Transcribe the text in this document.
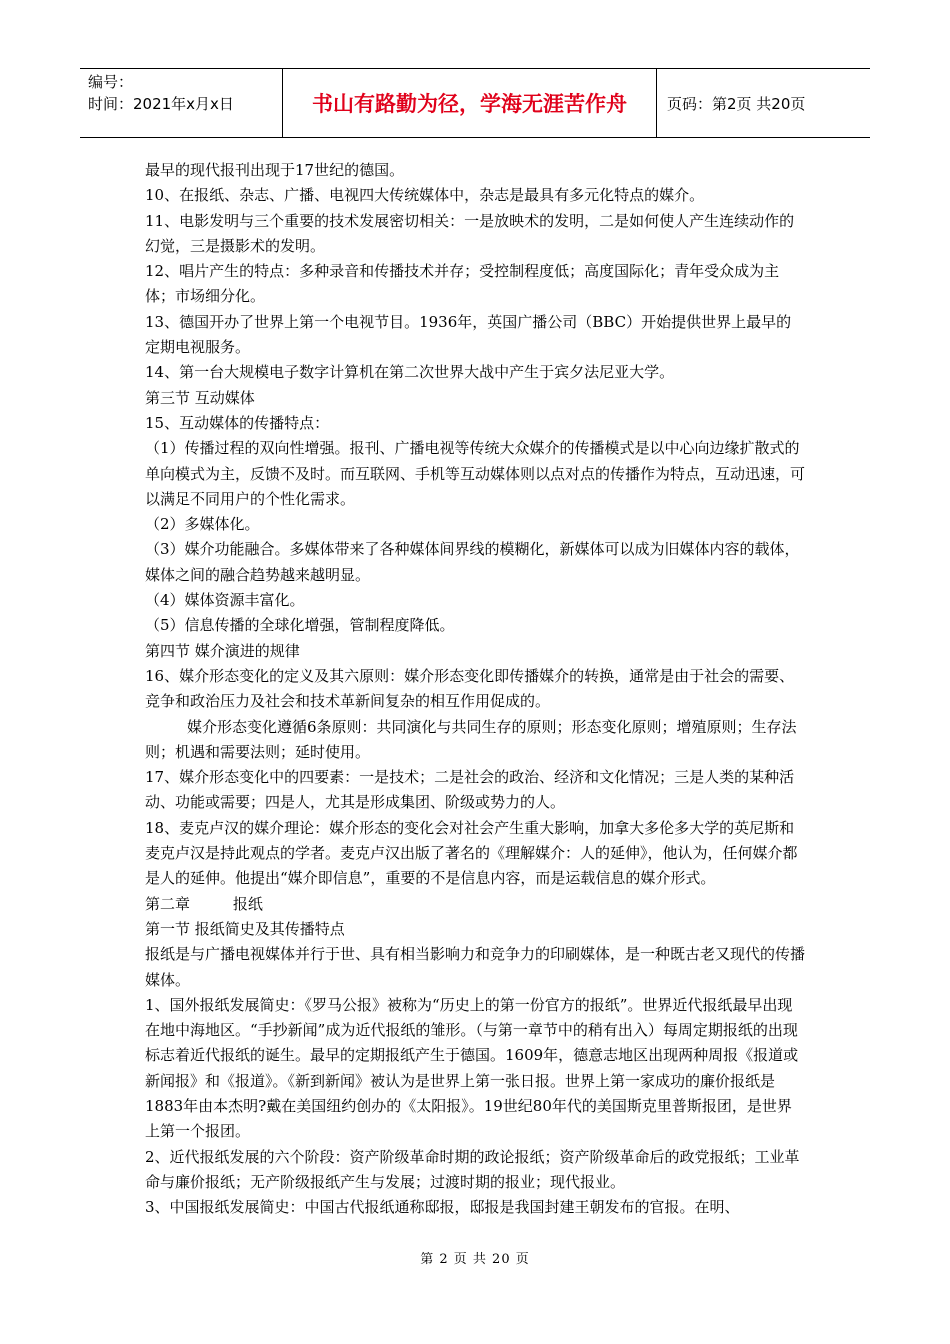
编号：
时间：2021年x月x日	书山有路勤为径，学海无涯苦作舟	页码：第2页 共20页

最早的现代报刊出现于17世纪的德国。

10、在报纸、杂志、广播、电视四大传统媒体中，杂志是最具有多元化特点的媒介。

11、电影发明与三个重要的技术发展密切相关：一是放映术的发明，二是如何使人产生连续动作的幻觉，三是摄影术的发明。

12、唱片产生的特点：多种录音和传播技术并存；受控制程度低；高度国际化；青年受众成为主体；市场细分化。

13、德国开办了世界上第一个电视节目。1936年，英国广播公司（BBC）开始提供世界上最早的定期电视服务。

14、第一台大规模电子数字计算机在第二次世界大战中产生于宾夕法尼亚大学。

第三节 互动媒体

15、互动媒体的传播特点：

（1）传播过程的双向性增强。报刊、广播电视等传统大众媒介的传播模式是以中心向边缘扩散式的单向模式为主，反馈不及时。而互联网、手机等互动媒体则以点对点的传播作为特点，互动迅速，可以满足不同用户的个性化需求。

（2）多媒体化。

（3）媒介功能融合。多媒体带来了各种媒体间界线的模糊化，新媒体可以成为旧媒体内容的载体，媒体之间的融合趋势越来越明显。

（4）媒体资源丰富化。

（5）信息传播的全球化增强，管制程度降低。

第四节 媒介演进的规律

16、媒介形态变化的定义及其六原则：媒介形态变化即传播媒介的转换，通常是由于社会的需要、竞争和政治压力及社会和技术革新间复杂的相互作用促成的。

媒介形态变化遵循6条原则：共同演化与共同生存的原则；形态变化原则；增殖原则；生存法则；机遇和需要法则；延时使用。

17、媒介形态变化中的四要素：一是技术；二是社会的政治、经济和文化情况；三是人类的某种活动、功能或需要；四是人，尤其是形成集团、阶级或势力的人。

18、麦克卢汉的媒介理论：媒介形态的变化会对社会产生重大影响，加拿大多伦多大学的英尼斯和麦克卢汉是持此观点的学者。麦克卢汉出版了著名的《理解媒介：人的延伸》，他认为，任何媒介都是人的延伸。他提出“媒介即信息”，重要的不是信息内容，而是运载信息的媒介形式。

第二章         报纸

第一节 报纸简史及其传播特点

报纸是与广播电视媒体并行于世、具有相当影响力和竞争力的印刷媒体，是一种既古老又现代的传播媒体。

1、国外报纸发展简史：《罗马公报》被称为“历史上的第一份官方的报纸”。世界近代报纸最早出现在地中海地区。“手抄新闻”成为近代报纸的雏形。（与第一章节中的稍有出入）每周定期报纸的出现标志着近代报纸的诞生。最早的定期报纸产生于德国。1609年，德意志地区出现两种周报《报道或新闻报》和《报道》。《新到新闻》被认为是世界上第一张日报。世界上第一家成功的廉价报纸是1883年由本杰明?戴在美国纽约创办的《太阳报》。19世纪80年代的美国斯克里普斯报团，是世界上第一个报团。

2、近代报纸发展的六个阶段：资产阶级革命时期的政论报纸；资产阶级革命后的政党报纸；工业革命与廉价报纸；无产阶级报纸产生与发展；过渡时期的报业；现代报业。

3、中国报纸发展简史：中国古代报纸通称邸报，邸报是我国封建王朝发布的官报。在明、

第 2 页 共 20 页
